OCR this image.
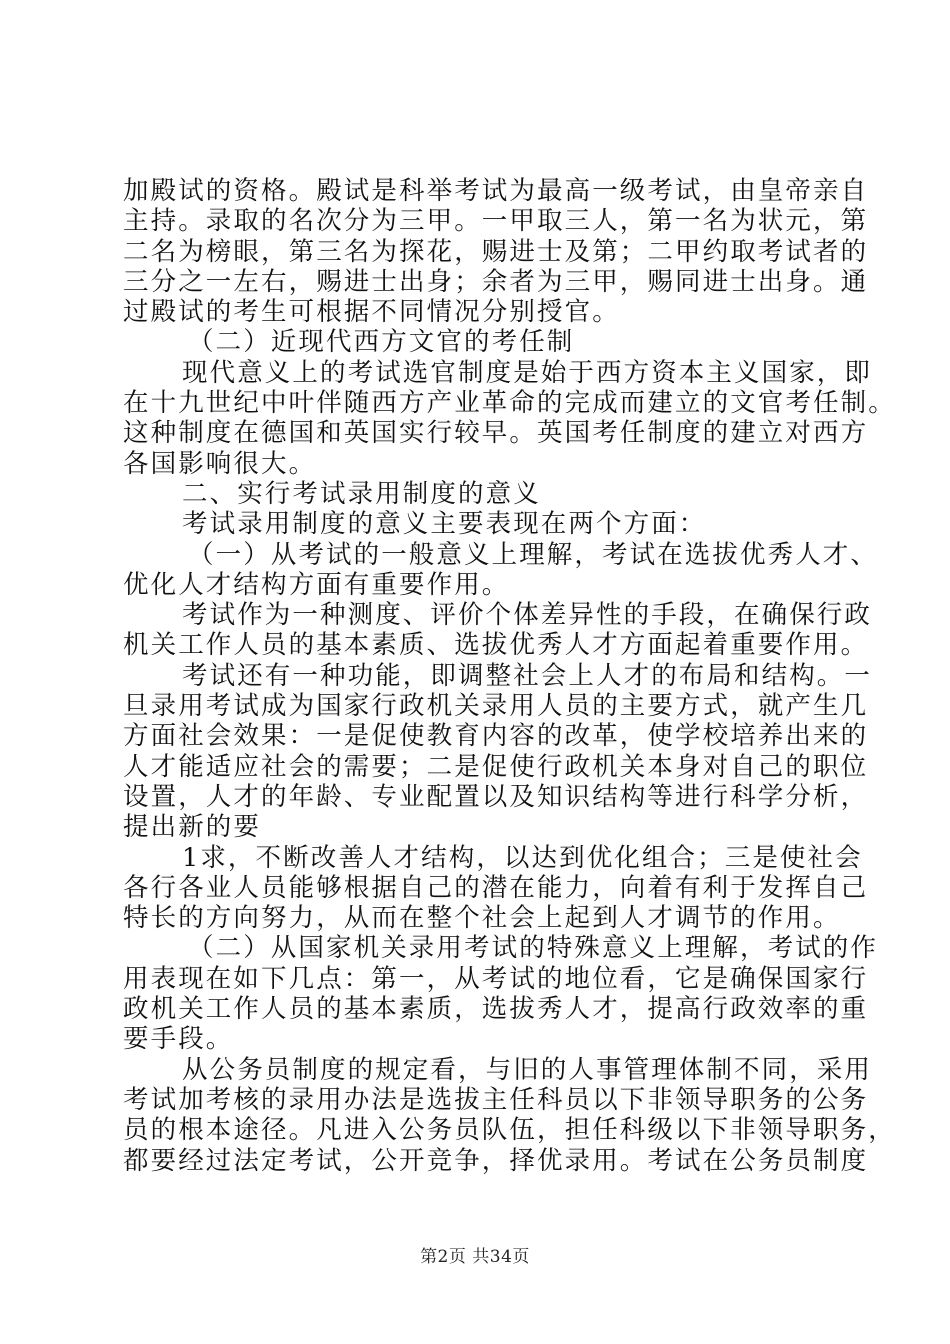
加殿试的资格。殿试是科举考试为最高一级考试，由皇帝亲自
主持。录取的名次分为三甲。一甲取三人，第一名为状元，第
二名为榜眼，第三名为探花，赐进士及第；二甲约取考试者的
三分之一左右，赐进士出身；余者为三甲，赐同进士出身。通
过殿试的考生可根据不同情况分别授官。
（二）近现代西方文官的考任制
现代意义上的考试选官制度是始于西方资本主义国家，即
在十九世纪中叶伴随西方产业革命的完成而建立的文官考任制。
这种制度在德国和英国实行较早。英国考任制度的建立对西方
各国影响很大。
二、实行考试录用制度的意义
考试录用制度的意义主要表现在两个方面：
（一）从考试的一般意义上理解，考试在选拔优秀人才、
优化人才结构方面有重要作用。
考试作为一种测度、评价个体差异性的手段，在确保行政
机关工作人员的基本素质、选拔优秀人才方面起着重要作用。
考试还有一种功能，即调整社会上人才的布局和结构。一
旦录用考试成为国家行政机关录用人员的主要方式，就产生几
方面社会效果：一是促使教育内容的改革，使学校培养出来的
人才能适应社会的需要；二是促使行政机关本身对自己的职位
设置，人才的年龄、专业配置以及知识结构等进行科学分析，
提出新的要
1求，不断改善人才结构，以达到优化组合；三是使社会
各行各业人员能够根据自己的潜在能力，向着有利于发挥自己
特长的方向努力，从而在整个社会上起到人才调节的作用。
（二）从国家机关录用考试的特殊意义上理解，考试的作
用表现在如下几点：第一，从考试的地位看，它是确保国家行
政机关工作人员的基本素质，选拔秀人才，提高行政效率的重
要手段。
从公务员制度的规定看，与旧的人事管理体制不同，采用
考试加考核的录用办法是选拔主任科员以下非领导职务的公务
员的根本途径。凡进入公务员队伍，担任科级以下非领导职务，
都要经过法定考试，公开竞争，择优录用。考试在公务员制度
第2页 共34页
